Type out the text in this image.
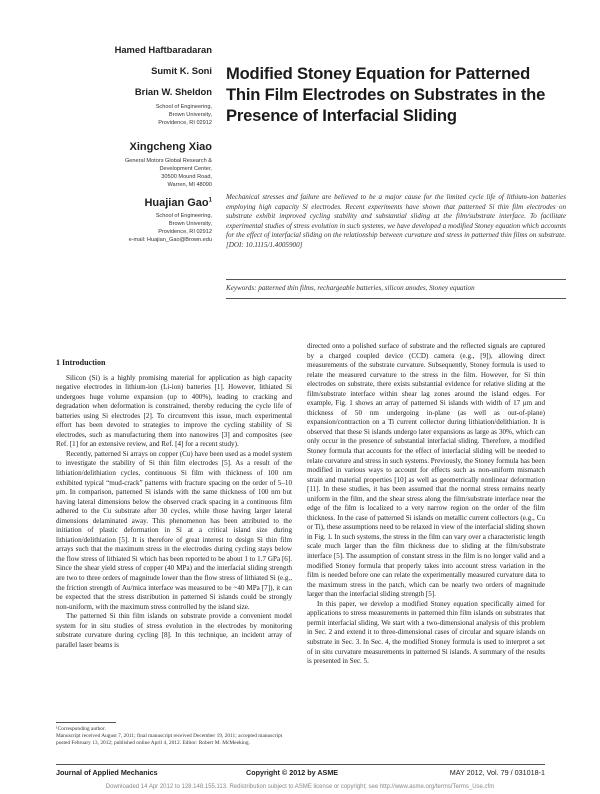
Hamed Haftbaradaran
Sumit K. Soni
Brian W. Sheldon
School of Engineering,
Brown University,
Providence, RI 02912
Xingcheng Xiao
General Motors Global Research &
Development Center,
30500 Mound Road,
Warren, MI 48090
Huajian Gao$^1$
School of Engineering,
Brown University,
Providence, RI 02912
e-mail: Huajian_Gao@Brown.edu
Modified Stoney Equation for Patterned Thin Film Electrodes on Substrates in the Presence of Interfacial Sliding
Mechanical stresses and failure are believed to be a major cause for the limited cycle life of lithium-ion batteries employing high capacity Si electrodes. Recent experiments have shown that patterned Si thin film electrodes on substrate exhibit improved cycling stability and substantial sliding at the film/substrate interface. To facilitate experimental studies of stress evolution in such systems, we have developed a modified Stoney equation which accounts for the effect of interfacial sliding on the relationship between curvature and stress in patterned thin films on substrate. [DOI: 10.1115/1.4005900]
Keywords: patterned thin films, rechargeable batteries, silicon anodes, Stoney equation
1 Introduction

Silicon (Si) is a highly promising material for application as high capacity negative electrodes in lithium-ion (Li-ion) batteries [1]. However, lithiated Si undergoes huge volume expansion (up to 400%), leading to cracking and degradation when deformation is constrained, thereby reducing the cycle life of batteries using Si electrodes [2]. To circumvent this issue, much experimental effort has been devoted to strategies to improve the cycling stability of Si electrodes, such as manufacturing them into nanowires [3] and composites (see Ref. [1] for an extensive review, and Ref. [4] for a recent study).

Recently, patterned Si arrays on copper (Cu) have been used as a model system to investigate the stability of Si thin film electrodes [5]. As a result of the lithiation/delithiation cycles, continuous Si film with thickness of 100 nm exhibited typical “mud-crack” patterns with fracture spacing on the order of 5–10 μm. In comparison, patterned Si islands with the same thickness of 100 nm but having lateral dimensions below the observed crack spacing in a continuous film adhered to the Cu substrate after 30 cycles, while those having larger lateral dimensions delaminated away. This phenomenon has been attributed to the initiation of plastic deformation in Si at a critical island size during lithiation/delithiation [5]. It is therefore of great interest to design Si thin film arrays such that the maximum stress in the electrodes during cycling stays below the flow stress of lithiated Si which has been reported to be about 1 to 1.7 GPa [6]. Since the shear yield stress of copper (40 MPa) and the interfacial sliding strength are two to three orders of magnitude lower than the flow stress of lithiated Si (e.g., the friction strength of Au/mica interface was measured to be ~40 MPa [7]), it can be expected that the stress distribution in patterned Si islands could be strongly non-uniform, with the maximum stress controlled by the island size.

The patterned Si thin film islands on substrate provide a convenient model system for in situ studies of stress evolution in the electrodes by monitoring substrate curvature during cycling [8]. In this technique, an incident array of parallel laser beams is

¹Corresponding author.

Manuscript received August 7, 2011; final manuscript received December 19, 2011; accepted manuscript posted February 13, 2012; published online April 4, 2012. Editor: Robert M. McMeeking.

directed onto a polished surface of substrate and the reflected signals are captured by a charged coupled device (CCD) camera (e.g., [9]), allowing direct measurements of the substrate curvature. Subsequently, Stoney formula is used to relate the measured curvature to the stress in the film. However, for Si thin electrodes on substrate, there exists substantial evidence for relative sliding at the film/substrate interface within shear lag zones around the island edges. For example, Fig. 1 shows an array of patterned Si islands with width of 17 μm and thickness of 50 nm undergoing in-plane (as well as out-of-plane) expansion/contraction on a Ti current collector during lithiation/delithiation. It is observed that these Si islands undergo later expansions as large as 30%, which can only occur in the presence of substantial interfacial sliding. Therefore, a modified Stoney formula that accounts for the effect of interfacial sliding will be needed to relate curvature and stress in such systems. Previously, the Stoney formula has been modified in various ways to account for effects such as non-uniform mismatch strain and material properties [10] as well as geometrically nonlinear deformation [11]. In these studies, it has been assumed that the normal stress remains nearly uniform in the film, and the shear stress along the film/substrate interface near the edge of the film is localized to a very narrow region on the order of the film thickness. In the case of patterned Si islands on metallic current collectors (e.g., Cu or Ti), these assumptions need to be relaxed in view of the interfacial sliding shown in Fig. 1. In such systems, the stress in the film can vary over a characteristic length scale much larger than the film thickness due to sliding at the film/substrate interface [5]. The assumption of constant stress in the film is no longer valid and a modified Stoney formula that properly takes into account stress variation in the film is needed before one can relate the experimentally measured curvature data to the maximum stress in the patch, which can be nearly two orders of magnitude larger than the interfacial sliding strength [5].

In this paper, we develop a modified Stoney equation specifically aimed for applications to stress measurements in patterned thin film islands on substrates that permit interfacial sliding. We start with a two-dimensional analysis of this problem in Sec. 2 and extend it to three-dimensional cases of circular and square islands on substrate in Sec. 3. In Sec. 4, the modified Stoney formula is used to interpret a set of in situ curvature measurements in patterned Si islands. A summary of the results is presented in Sec. 5.

Journal of Applied Mechanics	Copyright © 2012 by ASME	MAY 2012, Vol. 79 / 031018-1
Downloaded 14 Apr 2012 to 128.148.155.113. Redistribution subject to ASME license or copyright; see http://www.asme.org/terms/Terms_Use.cfm
